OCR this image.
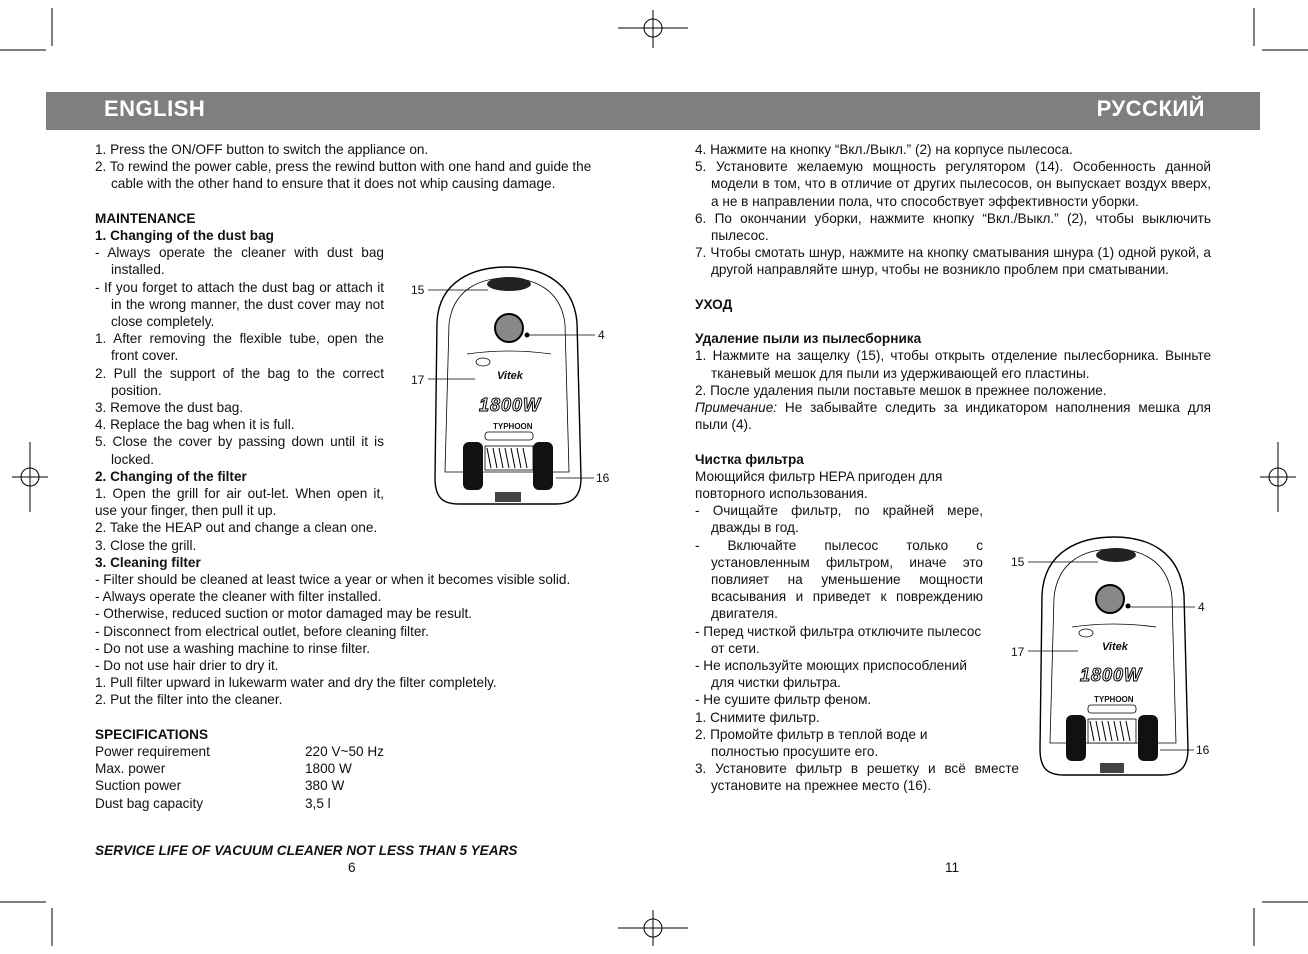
ENGLISH	РУССКИЙ

1. Press the ON/OFF button to switch the appliance on.

2. To rewind the power cable, press the rewind button with one hand and guide the cable with the other hand to ensure that it does not whip causing damage.

MAINTENANCE

1. Changing of the dust bag

- Always operate the cleaner with dust bag installed.

- If you forget to attach the dust bag or attach it in the wrong manner, the dust cover may not close completely.

1. After removing the flexible tube, open the front cover.

2. Pull the support of the bag to the correct position.

3. Remove the dust bag.

4. Replace the bag when it is full.

5. Close the cover by passing down until it is locked.

2. Changing of the filter

1. Open the grill for air out-let. When open it, use your finger, then pull it up.

2. Take the HEAP out and change a clean one.

3. Close the grill.

3. Cleaning filter

- Filter should be cleaned at least twice a year or when it becomes visible solid.

- Always operate the cleaner with filter installed.

- Otherwise, reduced suction or motor damaged may be result.

- Disconnect from electrical outlet, before cleaning filter.

- Do not use a washing machine to rinse filter.

- Do not use hair drier to dry it.

1. Pull filter upward in lukewarm water and dry the filter completely.

2. Put the filter into the cleaner.

SPECIFICATIONS

Power requirement	220 V~50 Hz
Max. power	1800 W
Suction power	380 W
Dust bag capacity	3,5 l
SERVICE LIFE OF VACUUM CLEANER NOT LESS THAN 5 YEARS
6

4. Нажмите на кнопку “Вкл./Выкл.” (2) на корпусе пылесоса.

5. Установите желаемую мощность регулятором (14). Особенность данной модели в том, что в отличие от других пылесосов, он выпускает воздух вверх, а не в направлении пола, что способствует эффективности уборки.

6. По окончании уборки, нажмите кнопку “Вкл./Выкл.” (2), чтобы выключить пылесос.

7. Чтобы смотать шнур, нажмите на кнопку сматывания шнура (1) одной рукой, а другой направляйте шнур, чтобы не возникло проблем при сматывании.

УХОД

Удаление пыли из пылесборника

1. Нажмите на защелку (15), чтобы открыть отделение пылесборника. Выньте тканевый мешок для пыли из удерживающей его пластины.

2. После удаления пыли поставьте мешок в прежнее положение.

Примечание: Не забывайте следить за индикатором наполнения мешка для пыли (4).

Чистка фильтра

Моющийся фильтр HEPA пригоден для повторного использования.

- Очищайте фильтр, по крайней мере, дважды в год.

- Включайте пылесос только с установленным фильтром, иначе это повлияет на уменьшение мощности всасывания и приведет к повреждению двигателя.

- Перед чисткой фильтра отключите пылесос от сети.

- Не используйте моющих приспособлений для чистки фильтра.

- Не сушите фильтр феном.

1. Снимите фильтр.

2. Промойте фильтр в теплой воде и полностью просушите его.

3. Установите фильтр в решетку и всё вместе установите на прежнее место (16).

11
Vitek
1800W
TYPHOON
15
4
17
16
Vitek
1800W
TYPHOON
15
4
17
16
